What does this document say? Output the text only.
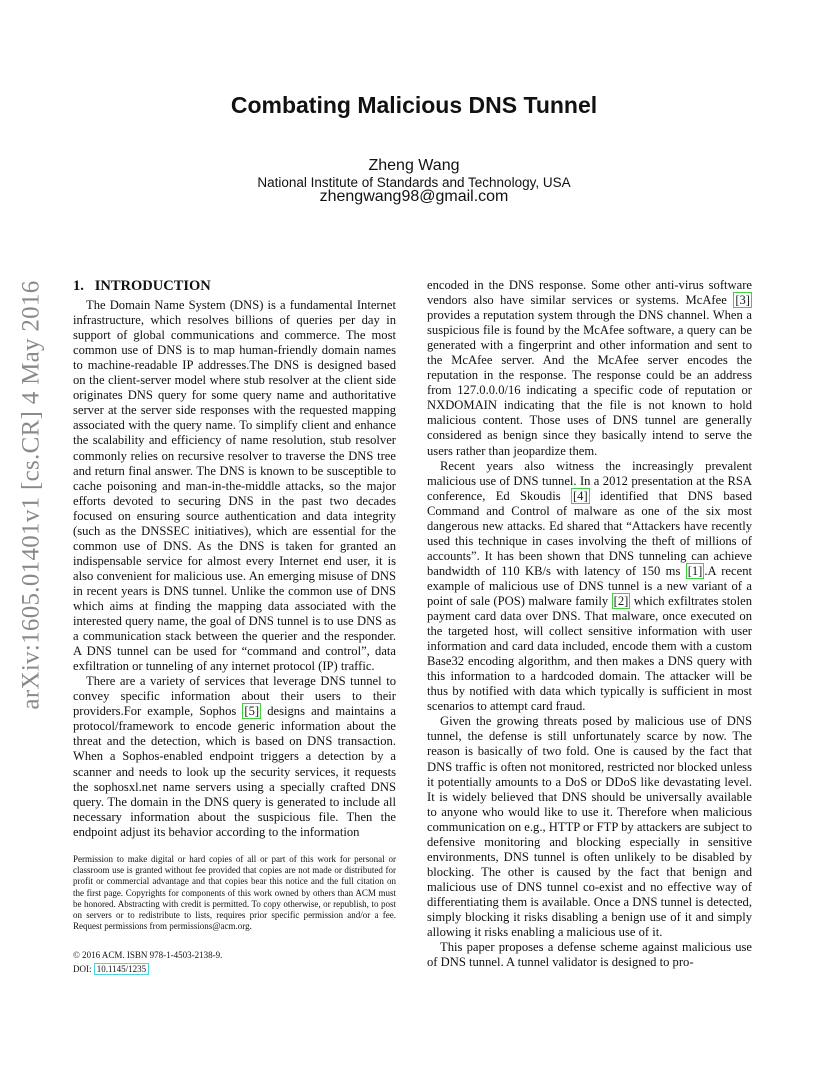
arXiv:1605.01401v1 [cs.CR] 4 May 2016
Combating Malicious DNS Tunnel
Zheng Wang
National Institute of Standards and Technology, USA
zhengwang98@gmail.com
1. INTRODUCTION

The Domain Name System (DNS) is a fundamental Internet infrastructure, which resolves billions of queries per day in support of global communications and commerce. The most common use of DNS is to map human-friendly domain names to machine-readable IP addresses.The DNS is designed based on the client-server model where stub resolver at the client side originates DNS query for some query name and authoritative server at the server side responses with the requested mapping associated with the query name. To simplify client and enhance the scalability and efficiency of name resolution, stub resolver commonly relies on recursive resolver to traverse the DNS tree and return final answer. The DNS is known to be susceptible to cache poisoning and man-in-the-middle attacks, so the major efforts devoted to securing DNS in the past two decades focused on ensuring source authentication and data integrity (such as the DNSSEC initiatives), which are essential for the common use of DNS. As the DNS is taken for granted an indispensable service for almost every Internet end user, it is also convenient for malicious use. An emerging misuse of DNS in recent years is DNS tunnel. Unlike the common use of DNS which aims at finding the mapping data associated with the interested query name, the goal of DNS tunnel is to use DNS as a communication stack between the querier and the responder. A DNS tunnel can be used for “command and control”, data exfiltration or tunneling of any internet protocol (IP) traffic.

There are a variety of services that leverage DNS tunnel to convey specific information about their users to their providers.For example, Sophos [5] designs and maintains a protocol/framework to encode generic information about the threat and the detection, which is based on DNS transaction. When a Sophos-enabled endpoint triggers a detection by a scanner and needs to look up the security services, it requests the sophosxl.net name servers using a specially crafted DNS query. The domain in the DNS query is generated to include all necessary information about the suspicious file. Then the endpoint adjust its behavior according to the information

encoded in the DNS response. Some other anti-virus software vendors also have similar services or systems. McAfee [3] provides a reputation system through the DNS channel. When a suspicious file is found by the McAfee software, a query can be generated with a fingerprint and other information and sent to the McAfee server. And the McAfee server encodes the reputation in the response. The response could be an address from 127.0.0.0/16 indicating a specific code of reputation or NXDOMAIN indicating that the file is not known to hold malicious content. Those uses of DNS tunnel are generally considered as benign since they basically intend to serve the users rather than jeopardize them.

Recent years also witness the increasingly prevalent malicious use of DNS tunnel. In a 2012 presentation at the RSA conference, Ed Skoudis [4] identified that DNS based Command and Control of malware as one of the six most dangerous new attacks. Ed shared that “Attackers have recently used this technique in cases involving the theft of millions of accounts”. It has been shown that DNS tunneling can achieve bandwidth of 110 KB/s with latency of 150 ms [1] .A recent example of malicious use of DNS tunnel is a new variant of a point of sale (POS) malware family [2] which exfiltrates stolen payment card data over DNS. That malware, once executed on the targeted host, will collect sensitive information with user information and card data included, encode them with a custom Base32 encoding algorithm, and then makes a DNS query with this information to a hardcoded domain. The attacker will be thus by notified with data which typically is sufficient in most scenarios to attempt card fraud.

Given the growing threats posed by malicious use of DNS tunnel, the defense is still unfortunately scarce by now. The reason is basically of two fold. One is caused by the fact that DNS traffic is often not monitored, restricted nor blocked unless it potentially amounts to a DoS or DDoS like devastating level. It is widely believed that DNS should be universally available to anyone who would like to use it. Therefore when malicious communication on e.g., HTTP or FTP by attackers are subject to defensive monitoring and blocking especially in sensitive environments, DNS tunnel is often unlikely to be disabled by blocking. The other is caused by the fact that benign and malicious use of DNS tunnel co-exist and no effective way of differentiating them is available. Once a DNS tunnel is detected, simply blocking it risks disabling a benign use of it and simply allowing it risks enabling a malicious use of it.

This paper proposes a defense scheme against malicious use of DNS tunnel. A tunnel validator is designed to pro-

Permission to make digital or hard copies of all or part of this work for personal or classroom use is granted without fee provided that copies are not made or distributed for profit or commercial advantage and that copies bear this notice and the full citation on the first page. Copyrights for components of this work owned by others than ACM must be honored. Abstracting with credit is permitted. To copy otherwise, or republish, to post on servers or to redistribute to lists, requires prior specific permission and/or a fee. Request permissions from permissions@acm.org.
© 2016 ACM. ISBN 978-1-4503-2138-9.
DOI: 10.1145/1235
